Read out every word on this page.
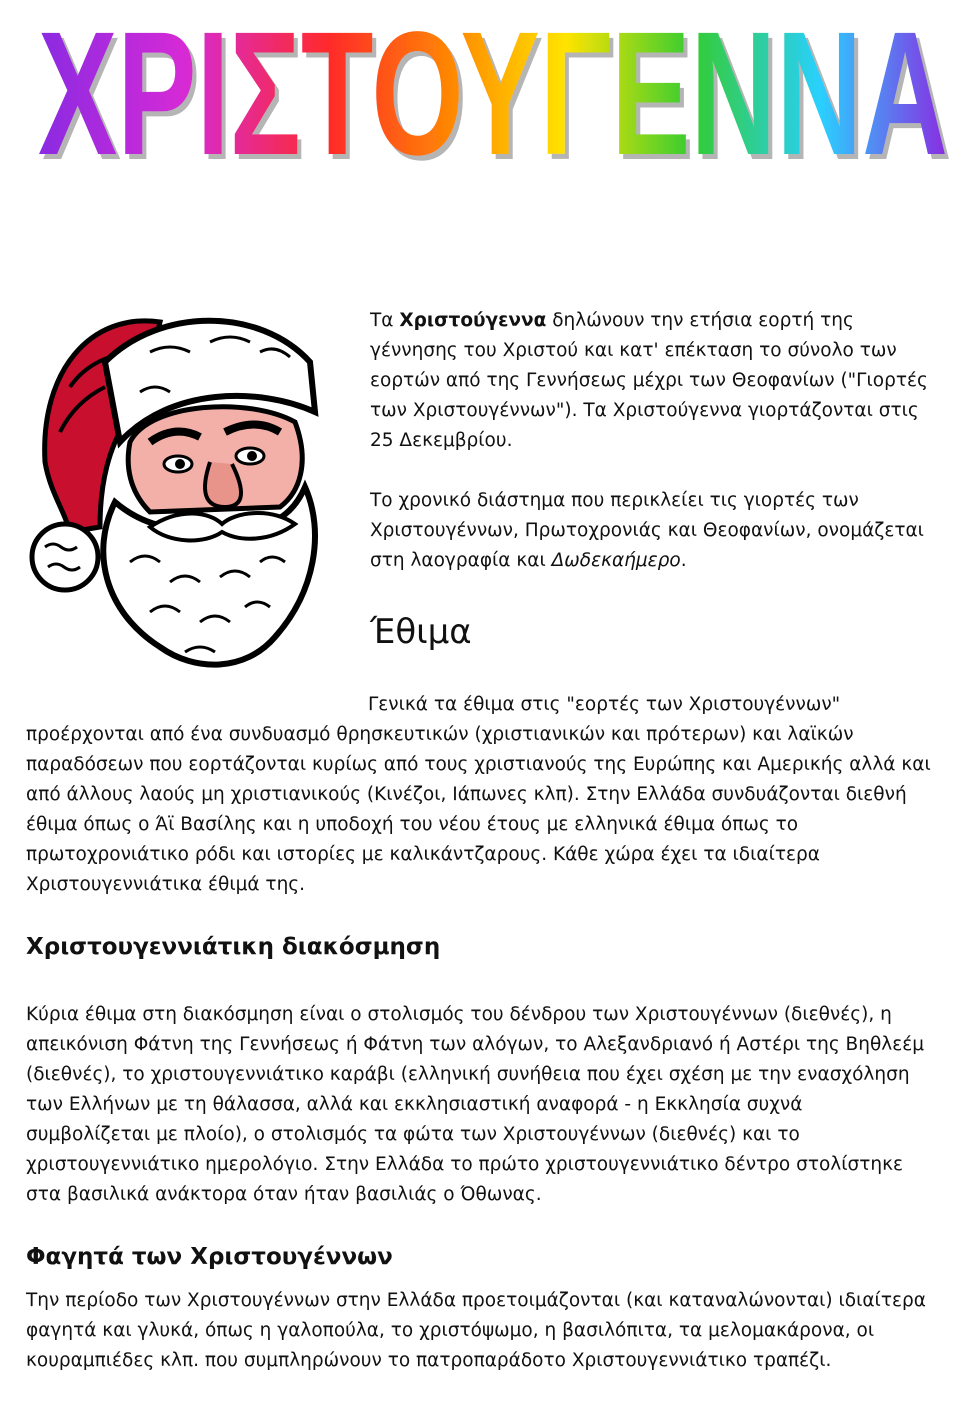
ΧΡΙΣΤΟΥΓΕΝΝΑ

Τα Χριστούγεννα δηλώνουν την ετήσια εορτή της γέννησης του Χριστού και κατ' επέκταση το σύνολο των εορτών από της Γεννήσεως μέχρι των Θεοφανίων ("Γιορτές των Χριστουγέννων"). Τα Χριστούγεννα γιορτάζονται στις 25 Δεκεμβρίου.

Το χρονικό διάστημα που περικλείει τις γιορτές των Χριστουγέννων, Πρωτοχρονιάς και Θεοφανίων, ονομάζεται στη λαογραφία και Δωδεκαήμερο.

Έθιμα

Γενικά τα έθιμα στις "εορτές των Χριστουγέννων" προέρχονται από ένα συνδυασμό θρησκευτικών (χριστιανικών και πρότερων) και λαϊκών παραδόσεων που εορτάζονται κυρίως από τους χριστιανούς της Ευρώπης και Αμερικής αλλά και από άλλους λαούς μη χριστιανικούς (Κινέζοι, Ιάπωνες κλπ). Στην Ελλάδα συνδυάζονται διεθνή έθιμα όπως ο Άϊ Βασίλης και η υποδοχή του νέου έτους με ελληνικά έθιμα όπως το πρωτοχρονιάτικο ρόδι και ιστορίες με καλικάντζαρους. Κάθε χώρα έχει τα ιδιαίτερα Χριστουγεννιάτικα έθιμά της.

Χριστουγεννιάτικη διακόσμηση

Κύρια έθιμα στη διακόσμηση είναι ο στολισμός του δένδρου των Χριστουγέννων (διεθνές), η απεικόνιση Φάτνη της Γεννήσεως ή Φάτνη των αλόγων, το Αλεξανδριανό ή Αστέρι της Βηθλεέμ (διεθνές), το χριστουγεννιάτικο καράβι (ελληνική συνήθεια που έχει σχέση με την ενασχόληση των Ελλήνων με τη θάλασσα, αλλά και εκκλησιαστική αναφορά - η Εκκλησία συχνά συμβολίζεται με πλοίο), ο στολισμός τα φώτα των Χριστουγέννων (διεθνές) και το χριστουγεννιάτικο ημερολόγιο. Στην Ελλάδα το πρώτο χριστουγεννιάτικο δέντρο στολίστηκε στα βασιλικά ανάκτορα όταν ήταν βασιλιάς ο Όθωνας.

Φαγητά των Χριστουγέννων

Την περίοδο των Χριστουγέννων στην Ελλάδα προετοιμάζονται (και καταναλώνονται) ιδιαίτερα φαγητά και γλυκά, όπως η γαλοπούλα, το χριστόψωμο, η βασιλόπιτα, τα μελομακάρονα, οι κουραμπιέδες κλπ. που συμπληρώνουν το πατροπαράδοτο Χριστουγεννιάτικο τραπέζι.
